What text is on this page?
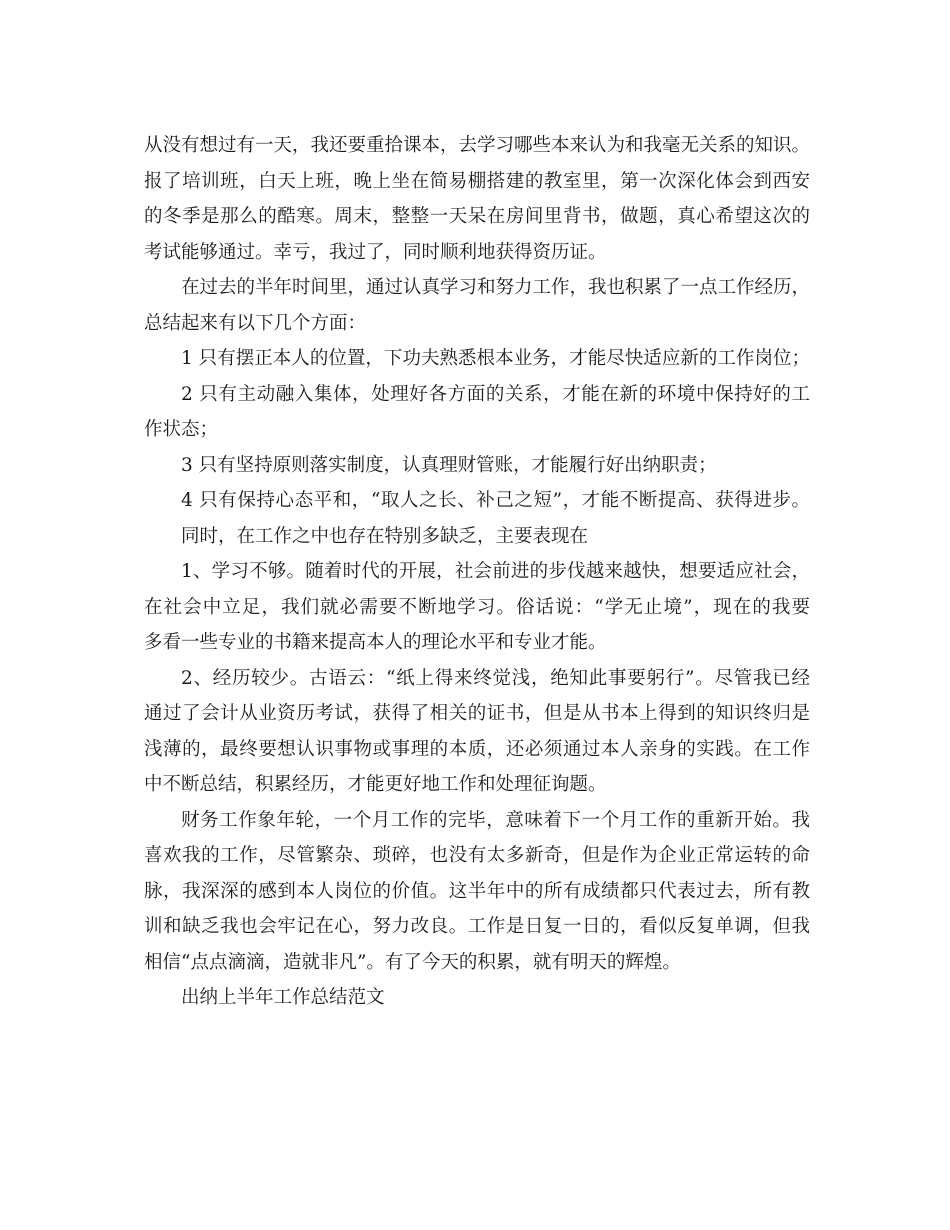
从没有想过有一天，我还要重拾课本，去学习哪些本来认为和我毫无关系的知识。
报了培训班，白天上班，晚上坐在简易棚搭建的教室里，第一次深化体会到西安
的冬季是那么的酷寒。周末，整整一天呆在房间里背书，做题，真心希望这次的
考试能够通过。幸亏，我过了，同时顺利地获得资历证。
在过去的半年时间里，通过认真学习和努力工作，我也积累了一点工作经历，
总结起来有以下几个方面：
1 只有摆正本人的位置，下功夫熟悉根本业务，才能尽快适应新的工作岗位；
2 只有主动融入集体，处理好各方面的关系，才能在新的环境中保持好的工
作状态；
3 只有坚持原则落实制度，认真理财管账，才能履行好出纳职责；
4 只有保持心态平和，“取人之长、补己之短”，才能不断提高、获得进步。
同时，在工作之中也存在特别多缺乏，主要表现在
1、学习不够。随着时代的开展，社会前进的步伐越来越快，想要适应社会，
在社会中立足，我们就必需要不断地学习。俗话说：“学无止境”，现在的我要
多看一些专业的书籍来提高本人的理论水平和专业才能。
2、经历较少。古语云：“纸上得来终觉浅，绝知此事要躬行”。尽管我已经
通过了会计从业资历考试，获得了相关的证书，但是从书本上得到的知识终归是
浅薄的，最终要想认识事物或事理的本质，还必须通过本人亲身的实践。在工作
中不断总结，积累经历，才能更好地工作和处理征询题。
财务工作象年轮，一个月工作的完毕，意味着下一个月工作的重新开始。我
喜欢我的工作，尽管繁杂、琐碎，也没有太多新奇，但是作为企业正常运转的命
脉，我深深的感到本人岗位的价值。这半年中的所有成绩都只代表过去，所有教
训和缺乏我也会牢记在心，努力改良。工作是日复一日的，看似反复单调，但我
相信“点点滴滴，造就非凡”。有了今天的积累，就有明天的辉煌。
出纳上半年工作总结范文
